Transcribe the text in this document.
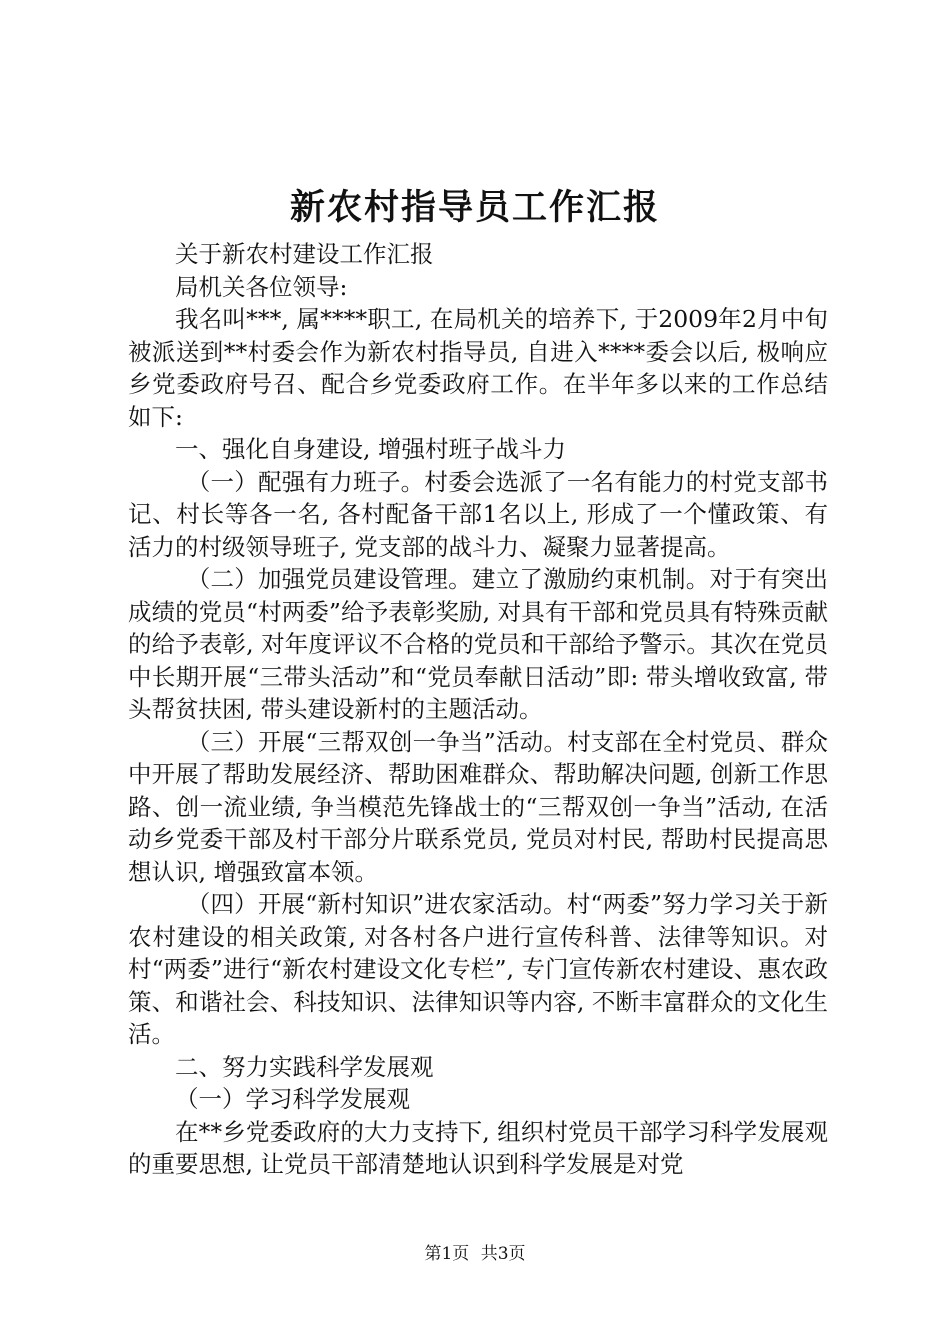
新农村指导员工作汇报

关于新农村建设工作汇报

局机关各位领导:

我名叫***, 属****职工, 在局机关的培养下, 于2009年2月中旬被派送到**村委会作为新农村指导员, 自进入****委会以后, 极响应乡党委政府号召、配合乡党委政府工作。在半年多以来的工作总结如下:

一、强化自身建设, 增强村班子战斗力

（一）配强有力班子。村委会选派了一名有能力的村党支部书记、村长等各一名, 各村配备干部1名以上, 形成了一个懂政策、有活力的村级领导班子, 党支部的战斗力、凝聚力显著提高。

（二）加强党员建设管理。建立了激励约束机制。对于有突出成绩的党员“村两委”给予表彰奖励, 对具有干部和党员具有特殊贡献的给予表彰, 对年度评议不合格的党员和干部给予警示。其次在党员中长期开展“三带头活动”和“党员奉献日活动”即: 带头增收致富, 带头帮贫扶困, 带头建设新村的主题活动。

（三）开展“三帮双创一争当”活动。村支部在全村党员、群众中开展了帮助发展经济、帮助困难群众、帮助解决问题, 创新工作思路、创一流业绩, 争当模范先锋战士的“三帮双创一争当”活动, 在活动乡党委干部及村干部分片联系党员, 党员对村民, 帮助村民提高思想认识, 增强致富本领。

（四）开展“新村知识”进农家活动。村“两委”努力学习关于新农村建设的相关政策, 对各村各户进行宣传科普、法律等知识。对村“两委”进行“新农村建设文化专栏”, 专门宣传新农村建设、惠农政策、和谐社会、科技知识、法律知识等内容, 不断丰富群众的文化生活。

二、努力实践科学发展观

（一）学习科学发展观

在**乡党委政府的大力支持下, 组织村党员干部学习科学发展观的重要思想, 让党员干部清楚地认识到科学发展是对党

第1页 共3页
